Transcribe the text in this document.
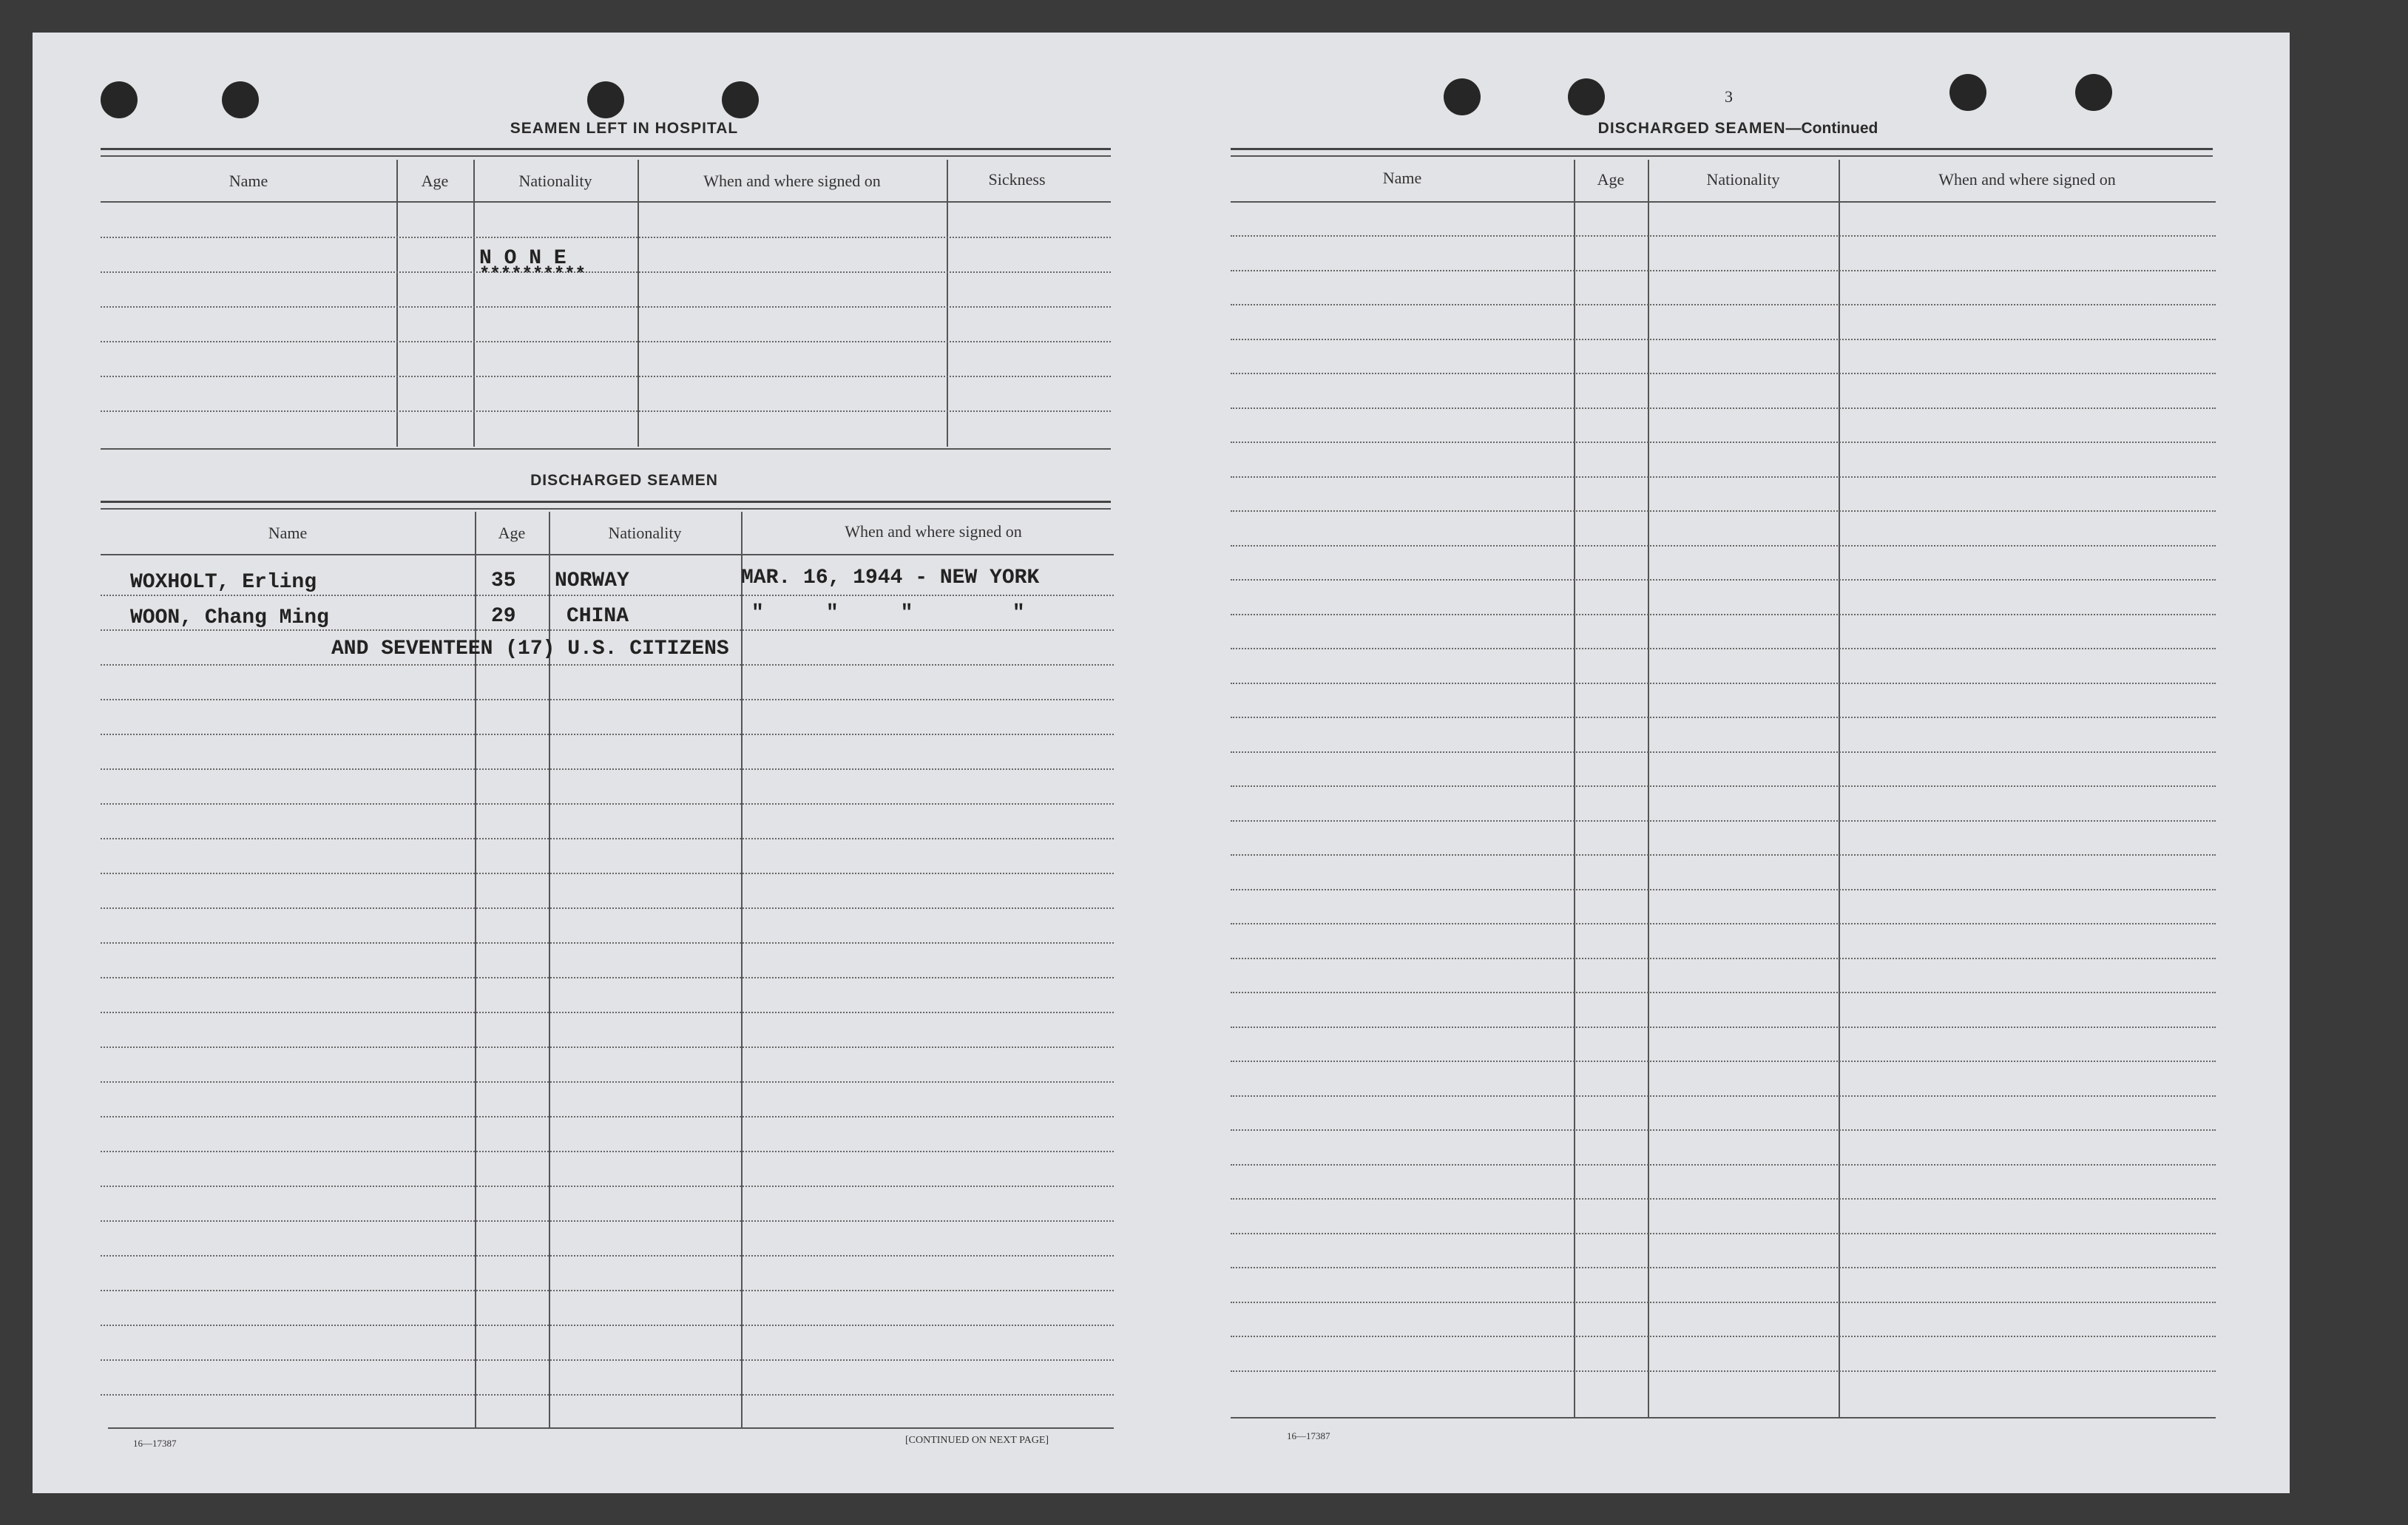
SEAMEN LEFT IN HOSPITAL
Name	Age	Nationality	When and where signed on	Sickness
N O N E
**********
DISCHARGED SEAMEN
Name	Age	Nationality	When and where signed on
WOXHOLT, Erling	35 NORWAY	MAR. 16, 1944 - NEW YORK
WOON, Chang Ming	29 CHINA	"     "     "        "
AND SEVENTEEN (17) U.S. CITIZENS
16—17387	[CONTINUED ON NEXT PAGE]
3
DISCHARGED SEAMEN—Continued
Name	Age	Nationality	When and where signed on
16—17387
